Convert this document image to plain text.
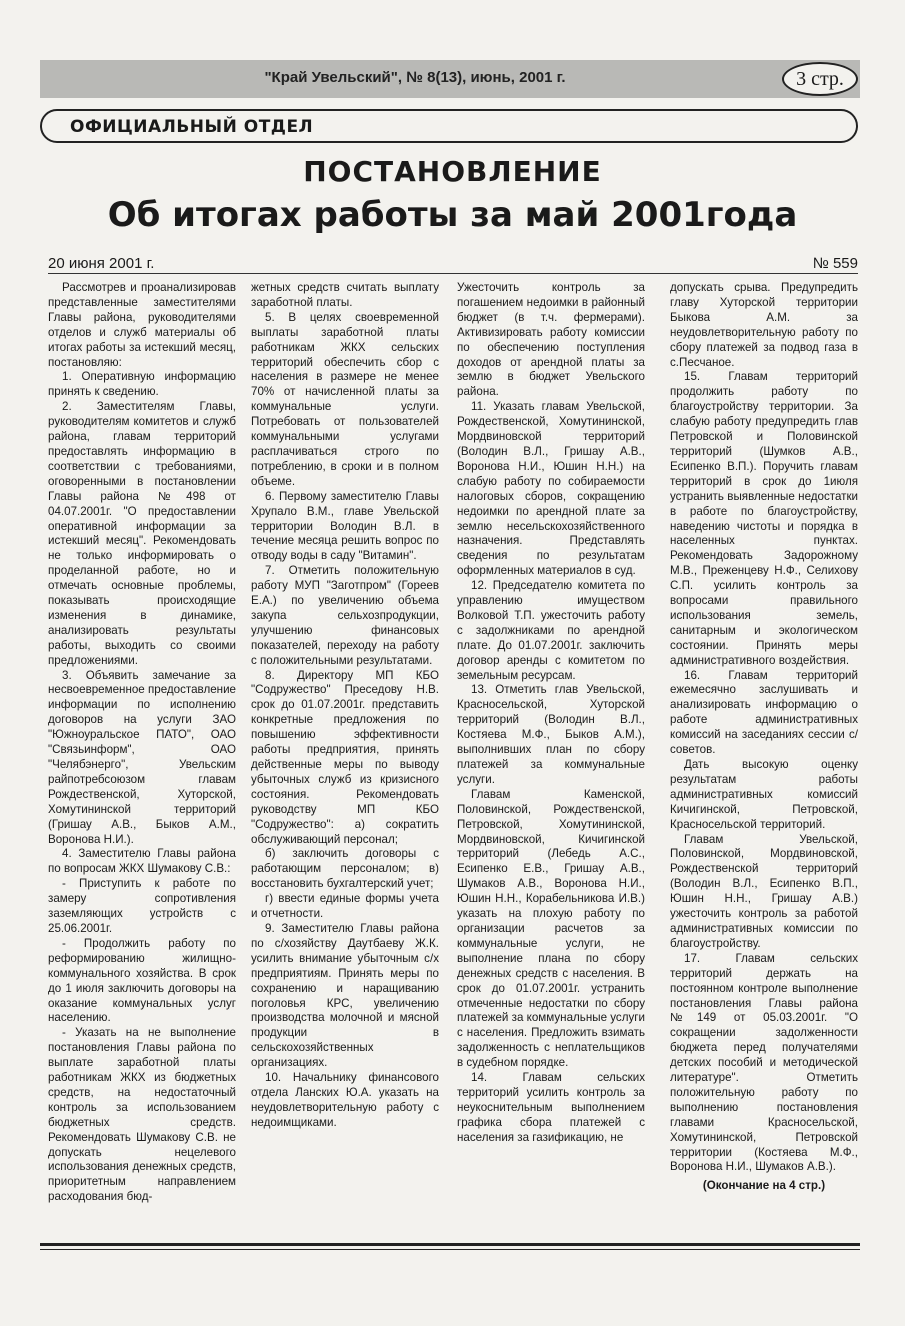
"Край Увельский", № 8(13), июнь, 2001 г.	3 стр.
ОФИЦИАЛЬНЫЙ ОТДЕЛ
ПОСТАНОВЛЕНИЕ
Об итогах работы за май 2001года
20 июня 2001 г.	№ 559

Рассмотрев и проанализировав представленные заместителями Главы района, руководителями отделов и служб материалы об итогах работы за истекший месяц, постановляю:

1. Оперативную информацию принять к сведению.

2. Заместителям Главы, руководителям комитетов и служб района, главам территорий предоставлять информацию в соответствии с требованиями, оговоренными в постановлении Главы района №498 от 04.07.2001г. "О предоставлении оперативной информации за истекший месяц". Рекомендовать не только информировать о проделанной работе, но и отмечать основные проблемы, показывать происходящие изменения в динамике, анализировать результаты работы, выходить со своими предложениями.

3. Объявить замечание за несвоевременное предоставление информации по исполнению договоров на услуги ЗАО "Южноуральское ПАТО", ОАО "Связьинформ", ОАО "Челябэнерго", Увельским райпотребсоюзом главам Рождественской, Хуторской, Хомутининской территорий (Гришау А.В., Быков А.М., Воронова Н.И.).

4. Заместителю Главы района по вопросам ЖКХ Шумакову С.В.:

- Приступить к работе по замеру сопротивления заземляющих устройств с 25.06.2001г.

- Продолжить работу по реформированию жилищно-коммунального хозяйства. В срок до 1 июля заключить договоры на оказание коммунальных услуг населению.

- Указать на не выполнение постановления Главы района по выплате заработной платы работникам ЖКХ из бюджетных средств, на недостаточный контроль за использованием бюджетных средств. Рекомендовать Шумакову С.В. не допускать нецелевого использования денежных средств, приоритетным направлением расходования бюд-

жетных средств считать выплату заработной платы.

5. В целях своевременной выплаты заработной платы работникам ЖКХ сельских территорий обеспечить сбор с населения в размере не менее 70% от начисленной платы за коммунальные услуги. Потребовать от пользователей коммунальными услугами расплачиваться строго по потреблению, в сроки и в полном объеме.

6. Первому заместителю Главы Хрупало В.М., главе Увельской территории Володин В.Л. в течение месяца решить вопрос по отводу воды в саду "Витамин".

7. Отметить положительную работу МУП "Заготпром" (Гореев Е.А.) по увеличению объема закупа сельхозпродукции, улучшению финансовых показателей, переходу на работу с положительными результатами.

8. Директору МП КБО "Содружество" Преседову Н.В. срок до 01.07.2001г. представить конкретные предложения по повышению эффективности работы предприятия, принять действенные меры по выводу убыточных служб из кризисного состояния. Рекомендовать руководству МП КБО "Содружество": а) сократить обслуживающий персонал;

б) заключить договоры с работающим персоналом; в) восстановить бухгалтерский учет;

г) ввести единые формы учета и отчетности.

9. Заместителю Главы района по с/хозяйству Даутбаеву Ж.К. усилить внимание убыточным с/х предприятиям. Принять меры по сохранению и наращиванию поголовья КРС, увеличению производства молочной и мясной продукции в сельскохозяйственных организациях.

10. Начальнику финансового отдела Ланских Ю.А. указать на неудовлетворительную работу с недоимщиками.

Ужесточить контроль за погашением недоимки в районный бюджет (в т.ч. фермерами). Активизировать работу комиссии по обеспечению поступления доходов от арендной платы за землю в бюджет Увельского района.

11. Указать главам Увельской, Рождественской, Хомутининской, Мордвиновской территорий (Володин В.Л., Гришау А.В., Воронова Н.И., Юшин Н.Н.) на слабую работу по собираемости налоговых сборов, сокращению недоимки по арендной плате за землю несельскохозяйственного назначения. Представлять сведения по результатам оформленных материалов в суд.

12. Председателю комитета по управлению имуществом Волковой Т.П. ужесточить работу с задолжниками по арендной плате. До 01.07.2001г. заключить договор аренды с комитетом по земельным ресурсам.

13. Отметить глав Увельской, Красносельской, Хуторской территорий (Володин В.Л., Костяева М.Ф., Быков А.М.), выполнивших план по сбору платежей за коммунальные услуги.

Главам Каменской, Половинской, Рождественской, Петровской, Хомутининской, Мордвиновской, Кичигинской территорий (Лебедь А.С., Есипенко Е.В., Гришау А.В., Шумаков А.В., Воронова Н.И., Юшин Н.Н., Корабельникова И.В.) указать на плохую работу по организации расчетов за коммунальные услуги, не выполнение плана по сбору денежных средств с населения. В срок до 01.07.2001г. устранить отмеченные недостатки по сбору платежей за коммунальные услуги с населения. Предложить взимать задолженность с неплательщиков в судебном порядке.

14. Главам сельских территорий усилить контроль за неукоснительным выполнением графика сбора платежей с населения за газификацию, не

допускать срыва. Предупредить главу Хуторской территории Быкова А.М. за неудовлетворительную работу по сбору платежей за подвод газа в с.Песчаное.

15. Главам территорий продолжить работу по благоустройству территории. За слабую работу предупредить глав Петровской и Половинской территорий (Шумков А.В., Есипенко В.П.). Поручить главам территорий в срок до 1июля устранить выявленные недостатки в работе по благоустройству, наведению чистоты и порядка в населенных пунктах. Рекомендовать Задорожному М.В., Преженцеву Н.Ф., Селихову С.П. усилить контроль за вопросами правильного использования земель, санитарным и экологическом состоянии. Принять меры административного воздействия.

16. Главам территорий ежемесячно заслушивать и анализировать информацию о работе административных комиссий на заседаниях сессии с/советов.

Дать высокую оценку результатам работы административных комиссий Кичигинской, Петровской, Красносельской территорий.

Главам Увельской, Половинской, Мордвиновской, Рождественской территорий (Володин В.Л., Есипенко В.П., Юшин Н.Н., Гришау А.В.) ужесточить контроль за работой административных комиссии по благоустройству.

17. Главам сельских территорий держать на постоянном контроле выполнение постановления Главы района №149 от 05.03.2001г. "О сокращении задолженности бюджета перед получателями детских пособий и методической литературе". Отметить положительную работу по выполнению постановления главами Красносельской, Хомутининской, Петровской территории (Костяева М.Ф., Воронова Н.И., Шумаков А.В.).

(Окончание на 4 стр.)
